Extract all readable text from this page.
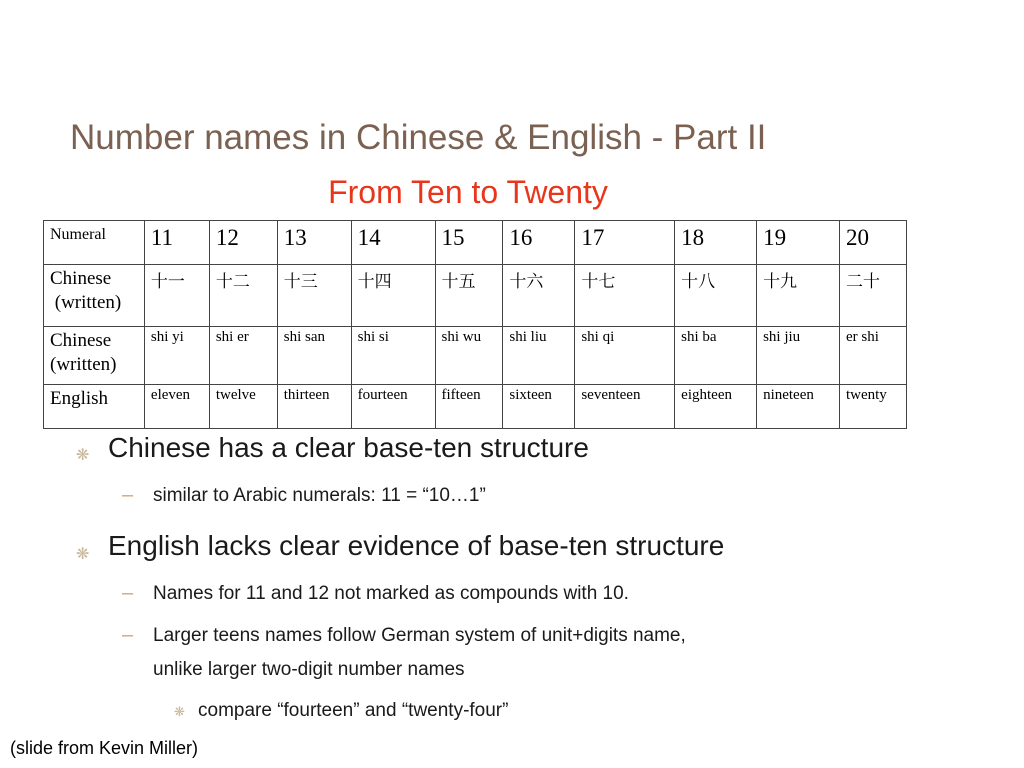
Number names in Chinese & English - Part II
From Ten to Twenty
Numeral	11	12	13	14	15	16	17	18	19	20
Chinese
(written)	十一	十二	十三	十四	十五	十六	十七	十八	十九	二十
Chinese
(written)	shi yi	shi er	shi san	shi si	shi wu	shi liu	shi qi	shi ba	shi jiu	er shi
English	eleven	twelve	thirteen	fourteen	fifteen	sixteen	seventeen	eighteen	nineteen	twenty
❋ Chinese has a clear base-ten structure
– similar to Arabic numerals: 11 = “10…1”
❋ English lacks clear evidence of base-ten structure
– Names for 11 and 12 not marked as compounds with 10.
– Larger teens names follow German system of unit+digits name,
unlike larger two-digit number names
❋ compare “fourteen” and “twenty-four”
(slide from Kevin Miller)
